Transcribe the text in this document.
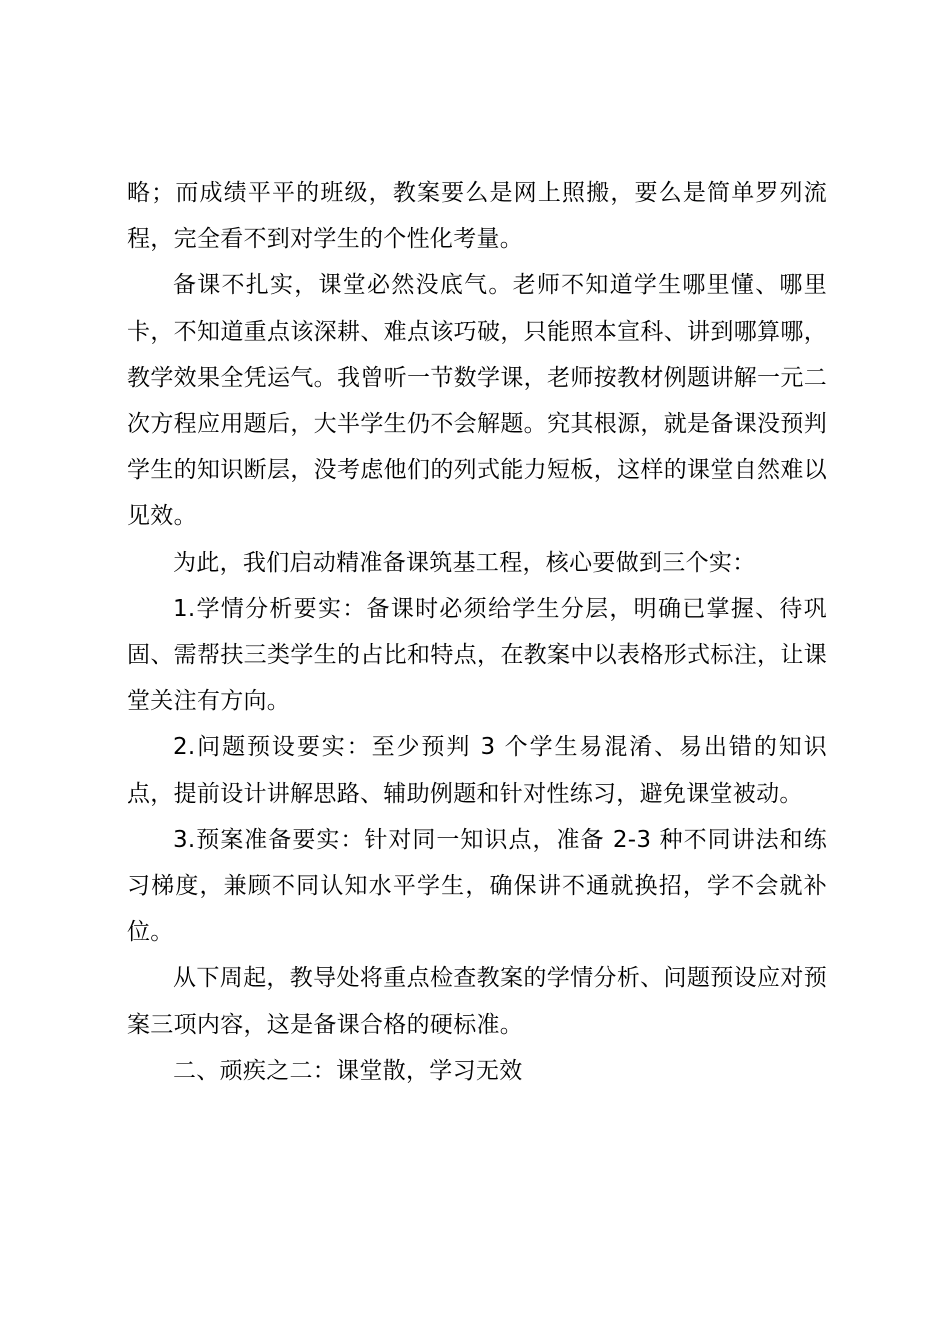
略；而成绩平平的班级，教案要么是网上照搬，要么是简单罗列流程，完全看不到对学生的个性化考量。

备课不扎实，课堂必然没底气。老师不知道学生哪里懂、哪里卡，不知道重点该深耕、难点该巧破，只能照本宣科、讲到哪算哪，教学效果全凭运气。我曾听一节数学课，老师按教材例题讲解一元二次方程应用题后，大半学生仍不会解题。究其根源，就是备课没预判学生的知识断层，没考虑他们的列式能力短板，这样的课堂自然难以见效。

为此，我们启动精准备课筑基工程，核心要做到三个实：

1.学情分析要实：备课时必须给学生分层，明确已掌握、待巩固、需帮扶三类学生的占比和特点，在教案中以表格形式标注，让课堂关注有方向。

2.问题预设要实：至少预判 3 个学生易混淆、易出错的知识点，提前设计讲解思路、辅助例题和针对性练习，避免课堂被动。

3.预案准备要实：针对同一知识点，准备 2-3 种不同讲法和练习梯度，兼顾不同认知水平学生，确保讲不通就换招，学不会就补位。

从下周起，教导处将重点检查教案的学情分析、问题预设应对预案三项内容，这是备课合格的硬标准。

二、顽疾之二：课堂散，学习无效
